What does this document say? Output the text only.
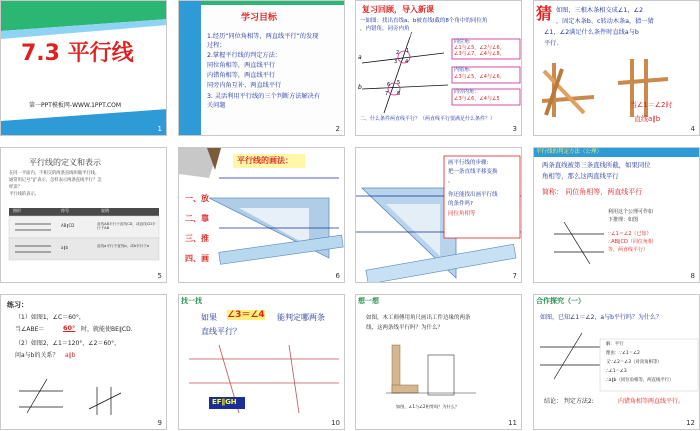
7.3 平行线
第一PPT模板网-WWW.1PPT.COM
1
学习目标
1.经历“同位角相等，两直线平行”的发现
过程；
2.掌握平行线的判定方法：
同位角相等，两直线平行
内错角相等，两直线平行
同旁内角互补，两直线平行
3. 灵活利用平行线的三个判断方法解决有
关问题
2
复习回顾，导入新课
一如图：找出直线a、b被直线l截的8个角中的同位角
，内错角，同旁内角
a
b
l
1
2
3 4
5
6
7 8
同位角:
∠1与∠5，∠2与∠6，
∠3与∠7，∠4与∠8，
内错角:
∠3与∠5，∠4与∠6，
同旁内角：
∠3与∠6，∠4与∠5
二、什么条件两直线平行？（两直线平行要满足什么条件？）
3
猜 如图，三根木条相交成∠1，∠2
，固定木条b、c转动木条a，猜一猜
∠1，∠2满足什么条件时直线a与b
平行.
当∠1＝∠2时
直线a∥b
4
平行线的定义和表示
在同一平面内，不相交的两条直线叫做平行线。
通常用记号“∥”表示，怎样表示两条直线平行？怎
样读？
平行线的表示。
图形	符号	说明
AB∥CD	直线AB平行于直线CD，或直线CD平行于AB
a∥b	直线a平行于直线b，或b平行于a
5
平行线的画法：
一、放
二、靠
三、推
四、画
6
画平行线的步骤:
把一条直线平移变换
，
你还能找出画平行线
的条件吗?
同位角相等
7
平行线的判定方法（公理）
两条直线被第三条直线所截，如果同位
角相等，那么这两直线平行
简称： 同位角相等，两直线平行
利用这个公理可作如
下推理：如图
∵∠1＝∠2（已知）
∴AB∥CD（同位角相
等，两直线平行）
8
练习：
（1）如图1，∠C＝60°，
当∠ABE＝	60° 时，就能使BE∥CD.
（2）如图2，∠1＝120°，∠2＝60°，
问a与b的关系？ a∥b
9
找一找
如果 ∠3＝∠4 能判定哪两条
直线平行？
EF∥GH
10
想一想
如图，木工师傅用角尺画出工件边缘的两条
线，这两条线平行吗？为什么？
如图，∠1与∠2相等吗？为什么？
11
合作探究（一）
如图，已知∠1＝∠2，a与b平行吗？为什么？
解：平行
理由：∵∠1＝∠2
又∵∠2＝∠3（对顶角相等）
∴∠1＝∠3
∴a∥b（同位角相等，两直线平行）
结论： 判定方法2:	内错角相等两直线平行。
12
